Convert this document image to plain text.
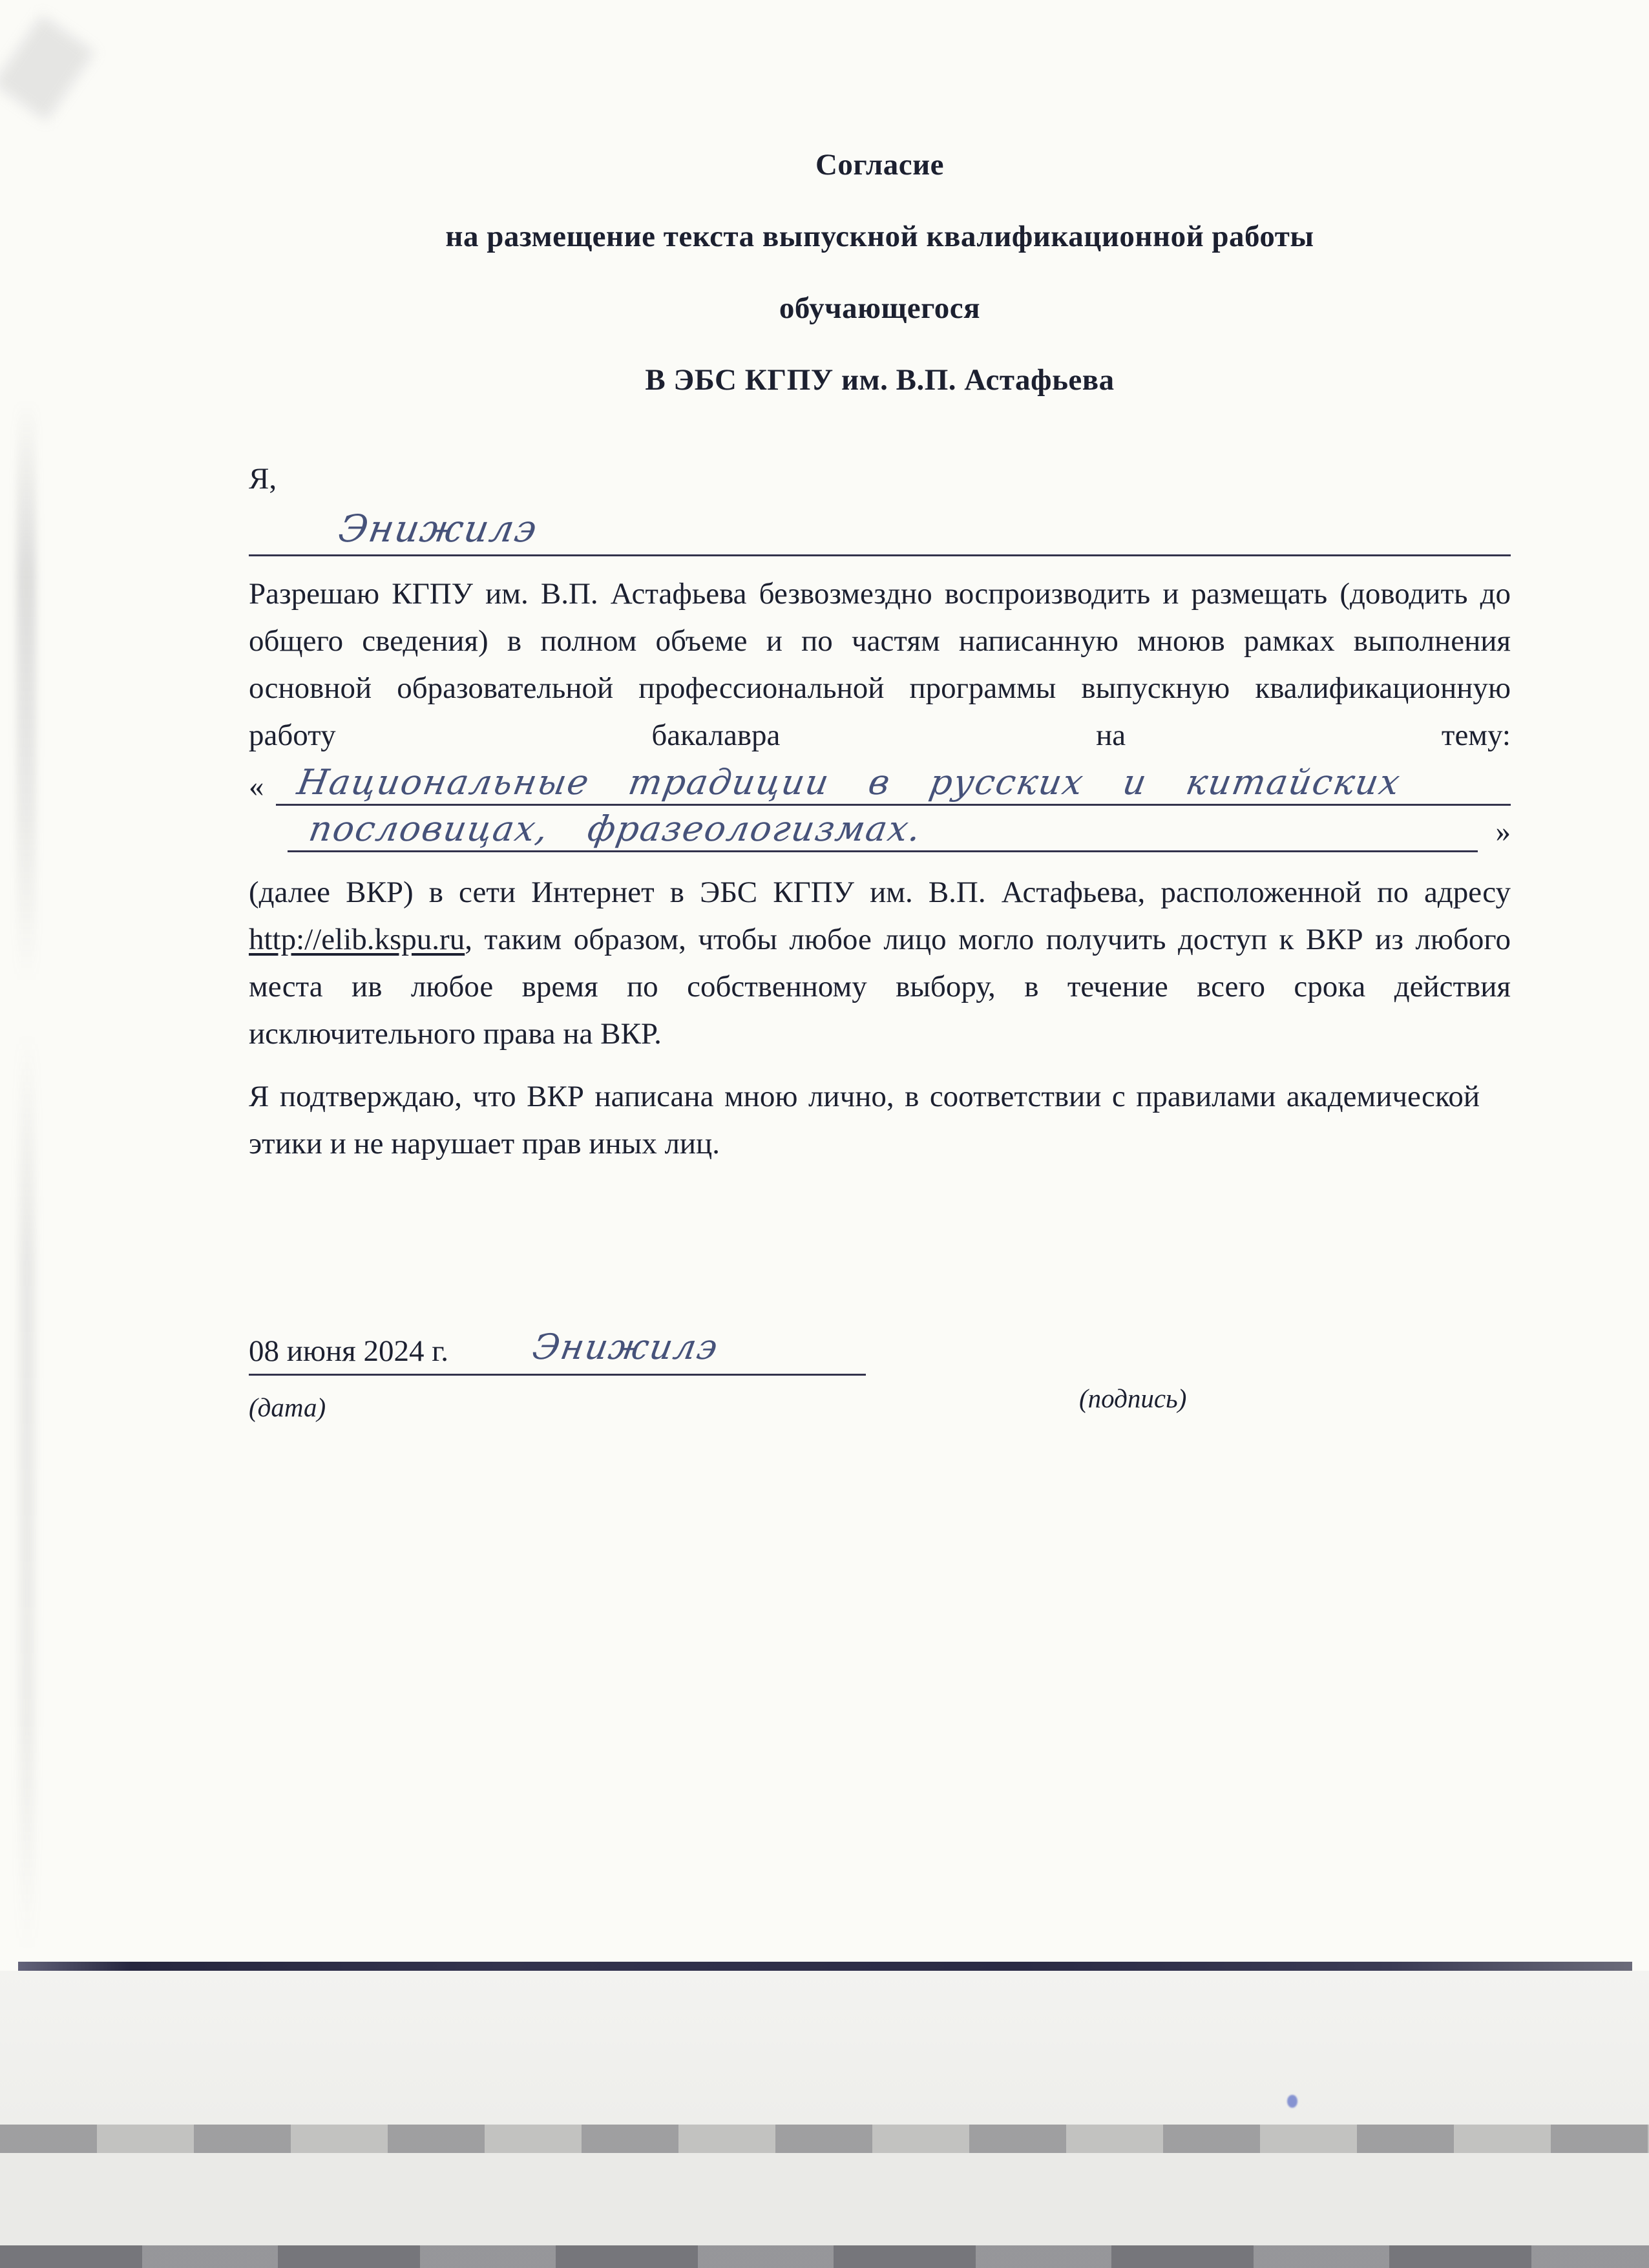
Согласие
на размещение текста выпускной квалификационной работы
обучающегося
В ЭБС КГПУ им. В.П. Астафьева
Я,
Энижилэ

Разрешаю КГПУ им. В.П. Астафьева безвозмездно воспроизводить и размещать (доводить до общего сведения) в полном объеме и по частям написанную мноюв рамках выполнения основной образовательной профессиональной программы выпускную квалификационную работу бакалавра на тему:

« Национальные традиции в русских и китайских
пословицах, фразеологизмах.	»

(далее ВКР) в сети Интернет в ЭБС КГПУ им. В.П. Астафьева, расположенной по адресу http://elib.kspu.ru, таким образом, чтобы любое лицо могло получить доступ к ВКР из любого места ив любое время по собственному выбору, в течение всего срока действия исключительного права на ВКР.

Я подтверждаю, что ВКР написана мною лично, в соответствии с правилами академической этики и не нарушает прав иных лиц.

08 июня 2024 г. Энижилэ
(дата)	(подпись)
